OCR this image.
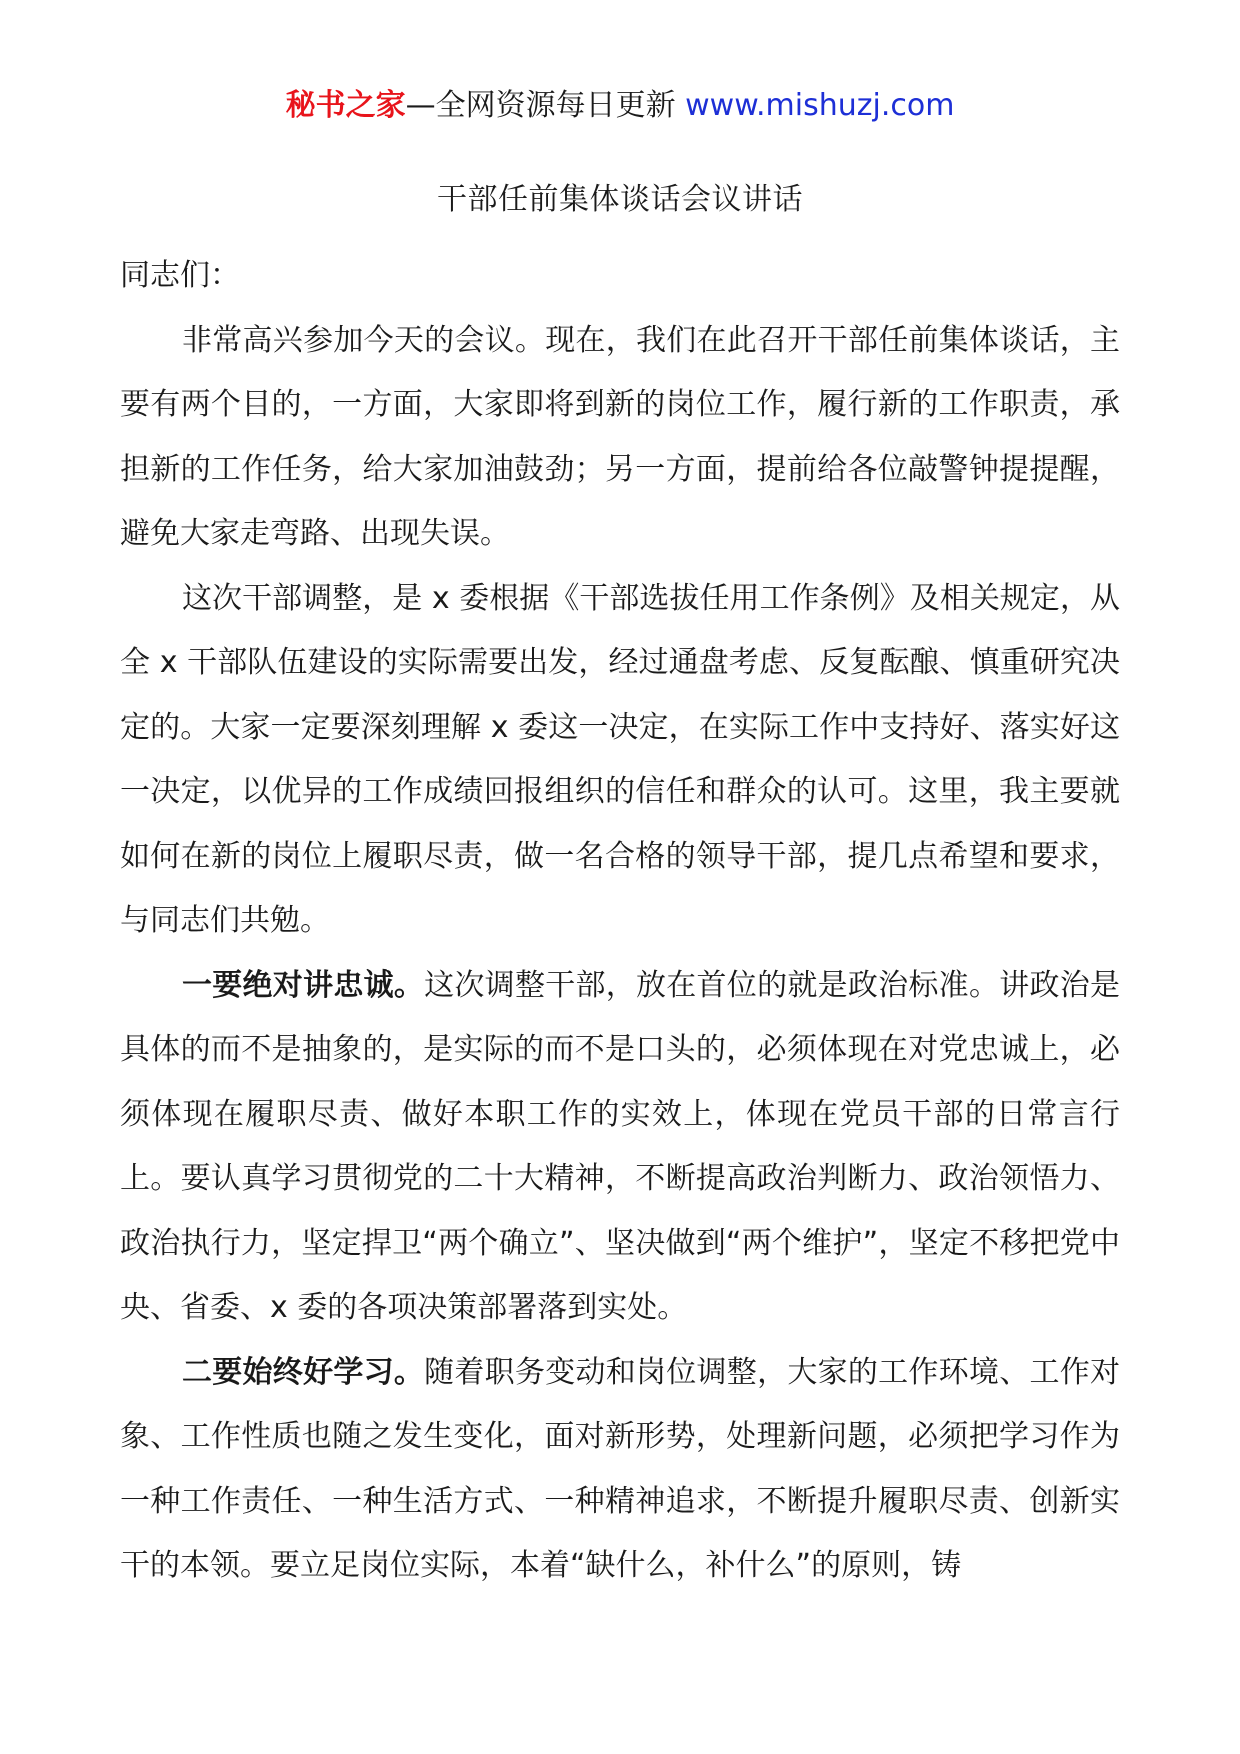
秘书之家—全网资源每日更新 www.mishuzj.com
干部任前集体谈话会议讲话

同志们：

非常高兴参加今天的会议。现在，我们在此召开干部任前集体谈话，主要有两个目的，一方面，大家即将到新的岗位工作，履行新的工作职责，承担新的工作任务，给大家加油鼓劲；另一方面，提前给各位敲警钟提提醒，避免大家走弯路、出现失误。

这次干部调整，是 x 委根据《干部选拔任用工作条例》及相关规定，从全 x 干部队伍建设的实际需要出发，经过通盘考虑、反复酝酿、慎重研究决定的。大家一定要深刻理解 x 委这一决定，在实际工作中支持好、落实好这一决定，以优异的工作成绩回报组织的信任和群众的认可。这里，我主要就如何在新的岗位上履职尽责，做一名合格的领导干部，提几点希望和要求，与同志们共勉。

一要绝对讲忠诚。这次调整干部，放在首位的就是政治标准。讲政治是具体的而不是抽象的，是实际的而不是口头的，必须体现在对党忠诚上，必须体现在履职尽责、做好本职工作的实效上，体现在党员干部的日常言行上。要认真学习贯彻党的二十大精神，不断提高政治判断力、政治领悟力、政治执行力，坚定捍卫“两个确立”、坚决做到“两个维护”，坚定不移把党中央、省委、x 委的各项决策部署落到实处。

二要始终好学习。随着职务变动和岗位调整，大家的工作环境、工作对象、工作性质也随之发生变化，面对新形势，处理新问题，必须把学习作为一种工作责任、一种生活方式、一种精神追求，不断提升履职尽责、创新实干的本领。要立足岗位实际，本着“缺什么，补什么”的原则，铸
